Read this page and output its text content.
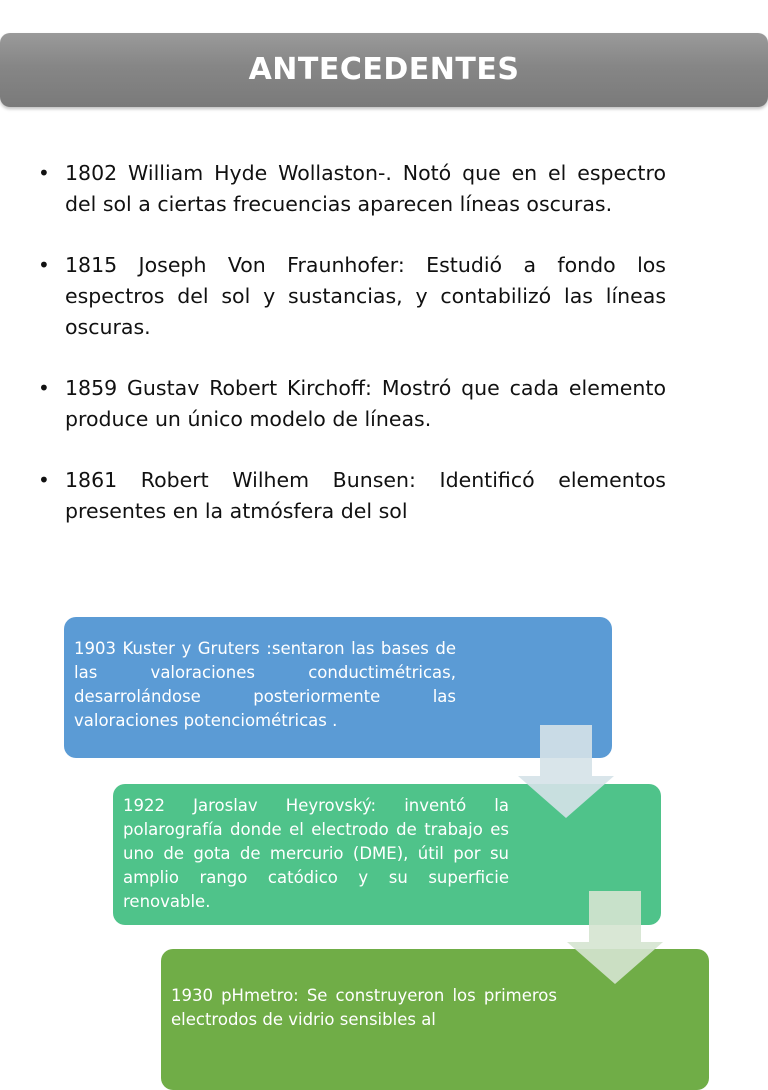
ANTECEDENTES
• 1802 William Hyde Wollaston-. Notó que en el espectro del sol a ciertas frecuencias aparecen líneas oscuras.
• 1815 Joseph Von Fraunhofer: Estudió a fondo los espectros del sol y sustancias, y contabilizó las líneas oscuras.
• 1859 Gustav Robert Kirchoff: Mostró que cada elemento produce un único modelo de líneas.
• 1861 Robert Wilhem Bunsen: Identificó elementos presentes en la atmósfera del sol
1903 Kuster y Gruters :sentaron las bases de las valoraciones conductimétricas, desarrolándose posteriormente las valoraciones potenciométricas .
1922 Jaroslav Heyrovský: inventó la polarografía donde el electrodo de trabajo es uno de gota de mercurio (DME), útil por su amplio rango catódico y su superficie renovable.
1930 pHmetro: Se construyeron los primeros electrodos de vidrio sensibles al
